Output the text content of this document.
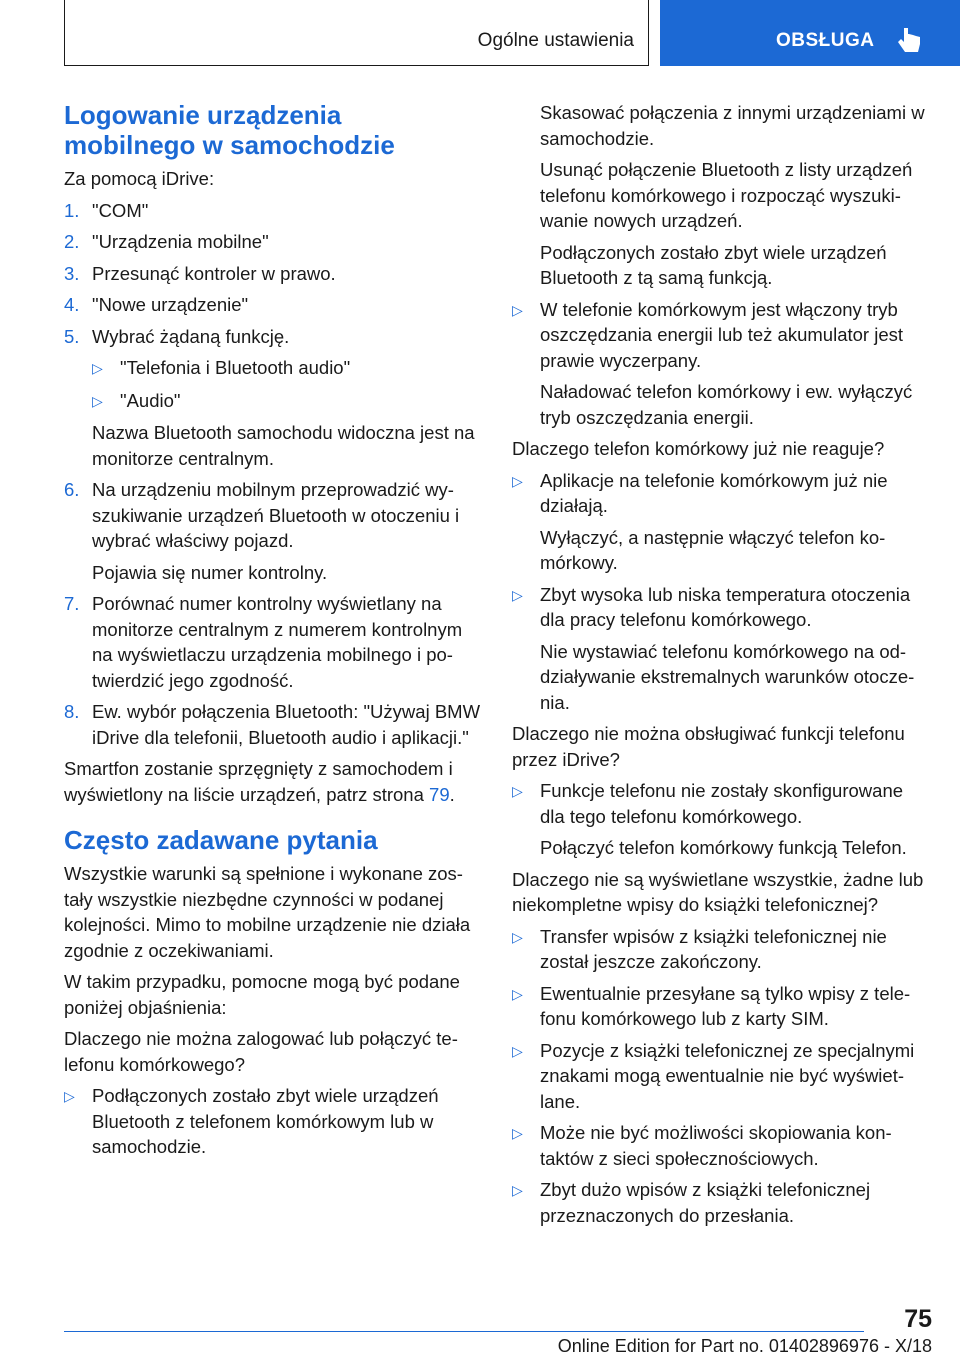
Ogólne ustawienia	OBSŁUGA
Logowanie urządzenia
mobilnego w samochodzie

Za pomocą iDrive:

1. "COM"
2. "Urządzenia mobilne"
3. Przesunąć kontroler w prawo.
4. "Nowe urządzenie"
5. Wybrać żądaną funkcję.

▷ "Telefonia i Bluetooth audio"
▷ "Audio"

Nazwa Bluetooth samochodu widoczna jest na monitorze centralnym.

6. Na urządzeniu mobilnym przeprowadzić wyszukiwanie urządzeń Bluetooth w otoczeniu i wybrać właściwy pojazd.

Pojawia się numer kontrolny.

7. Porównać numer kontrolny wyświetlany na monitorze centralnym z numerem kontrolnym na wyświetlaczu urządzenia mobilnego i potwierdzić jego zgodność.
8. Ew. wybór połączenia Bluetooth: "Używaj BMW iDrive dla telefonii, Bluetooth audio i aplikacji."

Smartfon zostanie sprzęgnięty z samochodem i wyświetlony na liście urządzeń, patrz strona 79.

Często zadawane pytania

Wszystkie warunki są spełnione i wykonane zostały wszystkie niezbędne czynności w podanej kolejności. Mimo to mobilne urządzenie nie działa zgodnie z oczekiwaniami.

W takim przypadku, pomocne mogą być podane poniżej objaśnienia:

Dlaczego nie można zalogować lub połączyć telefonu komórkowego?

▷ Podłączonych zostało zbyt wiele urządzeń Bluetooth z telefonem komórkowym lub w samochodzie.

Skasować połączenia z innymi urządzeniami w samochodzie.

Usunąć połączenie Bluetooth z listy urządzeń telefonu komórkowego i rozpocząć wyszukiwanie nowych urządzeń.

Podłączonych zostało zbyt wiele urządzeń Bluetooth z tą samą funkcją.

▷ W telefonie komórkowym jest włączony tryb oszczędzania energii lub też akumulator jest prawie wyczerpany.

Naładować telefon komórkowy i ew. wyłączyć tryb oszczędzania energii.

Dlaczego telefon komórkowy już nie reaguje?

▷ Aplikacje na telefonie komórkowym już nie działają.

Wyłączyć, a następnie włączyć telefon komórkowy.

▷ Zbyt wysoka lub niska temperatura otoczenia dla pracy telefonu komórkowego.

Nie wystawiać telefonu komórkowego na oddziaływanie ekstremalnych warunków otoczenia.

Dlaczego nie można obsługiwać funkcji telefonu przez iDrive?

▷ Funkcje telefonu nie zostały skonfigurowane dla tego telefonu komórkowego.

Połączyć telefon komórkowy funkcją Telefon.

Dlaczego nie są wyświetlane wszystkie, żadne lub niekompletne wpisy do książki telefonicznej?

▷ Transfer wpisów z książki telefonicznej nie został jeszcze zakończony.
▷ Ewentualnie przesyłane są tylko wpisy z telefonu komórkowego lub z karty SIM.
▷ Pozycje z książki telefonicznej ze specjalnymi znakami mogą ewentualnie nie być wyświetlane.
▷ Może nie być możliwości skopiowania kontaktów z sieci społecznościowych.
▷ Zbyt dużo wpisów z książki telefonicznej przeznaczonych do przesłania.
75
Online Edition for Part no. 01402896976 - X/18
